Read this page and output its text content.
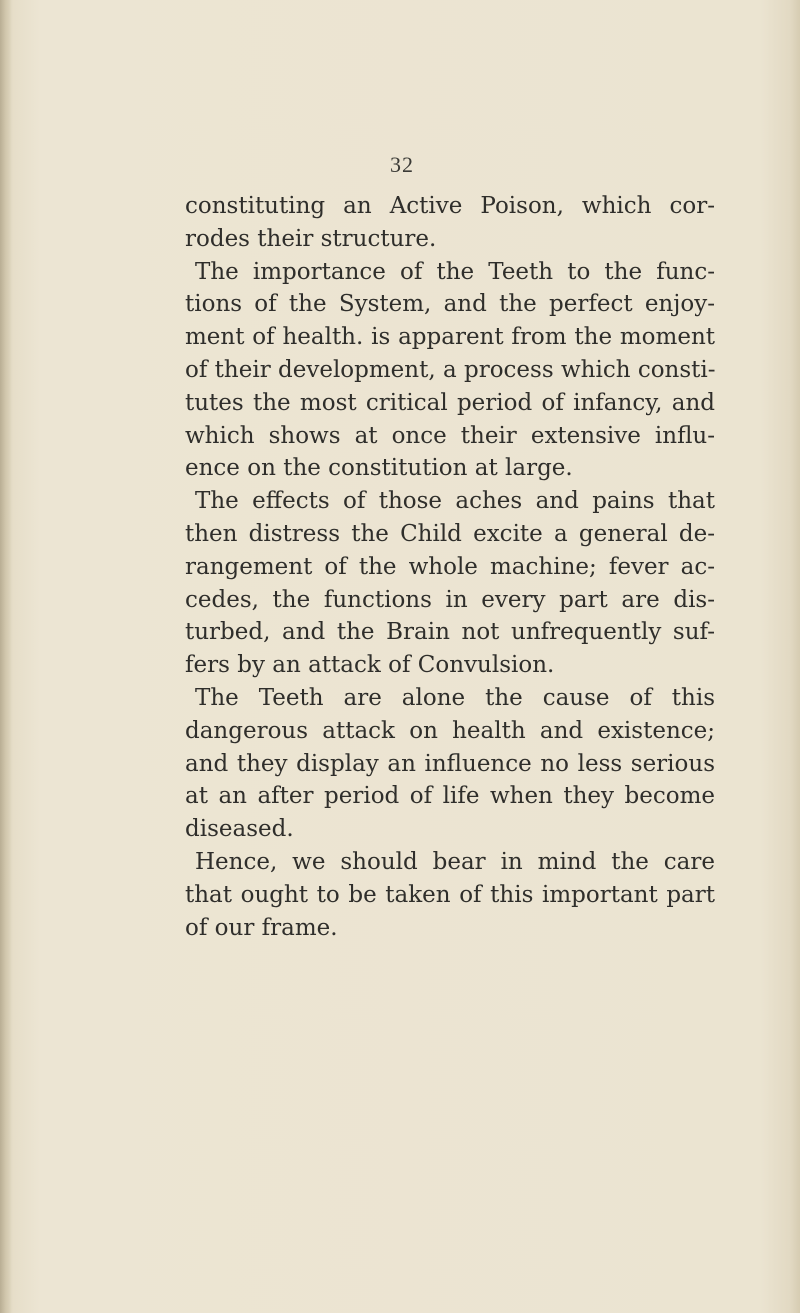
32
constituting an Active Poison, which cor-
rodes their structure.
The importance of the Teeth to the func-
tions of the System, and the perfect enjoy-
ment of health. is apparent from the moment
of their development, a process which consti-
tutes the most critical period of infancy, and
which shows at once their extensive influ-
ence on the constitution at large.
The effects of those aches and pains that
then distress the Child excite a general de-
rangement of the whole machine; fever ac-
cedes, the functions in every part are dis-
turbed, and the Brain not unfrequently suf-
fers by an attack of Convulsion.
The Teeth are alone the cause of this
dangerous attack on health and existence;
and they display an influence no less serious
at an after period of life when they become
diseased.
Hence, we should bear in mind the care
that ought to be taken of this important part
of our frame.
